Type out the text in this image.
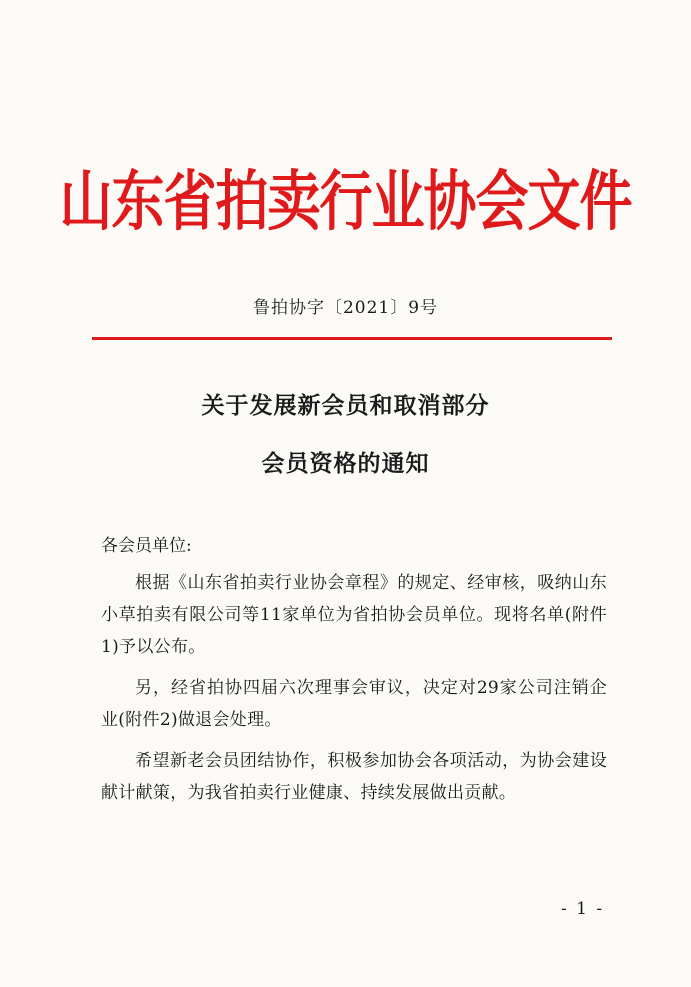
山东省拍卖行业协会文件
鲁拍协字〔2021〕9号
关于发展新会员和取消部分
会员资格的通知
各会员单位:

根据《山东省拍卖行业协会章程》的规定、经审核，吸纳山东小草拍卖有限公司等11家单位为省拍协会员单位。现将名单(附件1)予以公布。

另，经省拍协四届六次理事会审议，决定对29家公司注销企业(附件2)做退会处理。

希望新老会员团结协作，积极参加协会各项活动，为协会建设献计献策，为我省拍卖行业健康、持续发展做出贡献。

- 1 -
